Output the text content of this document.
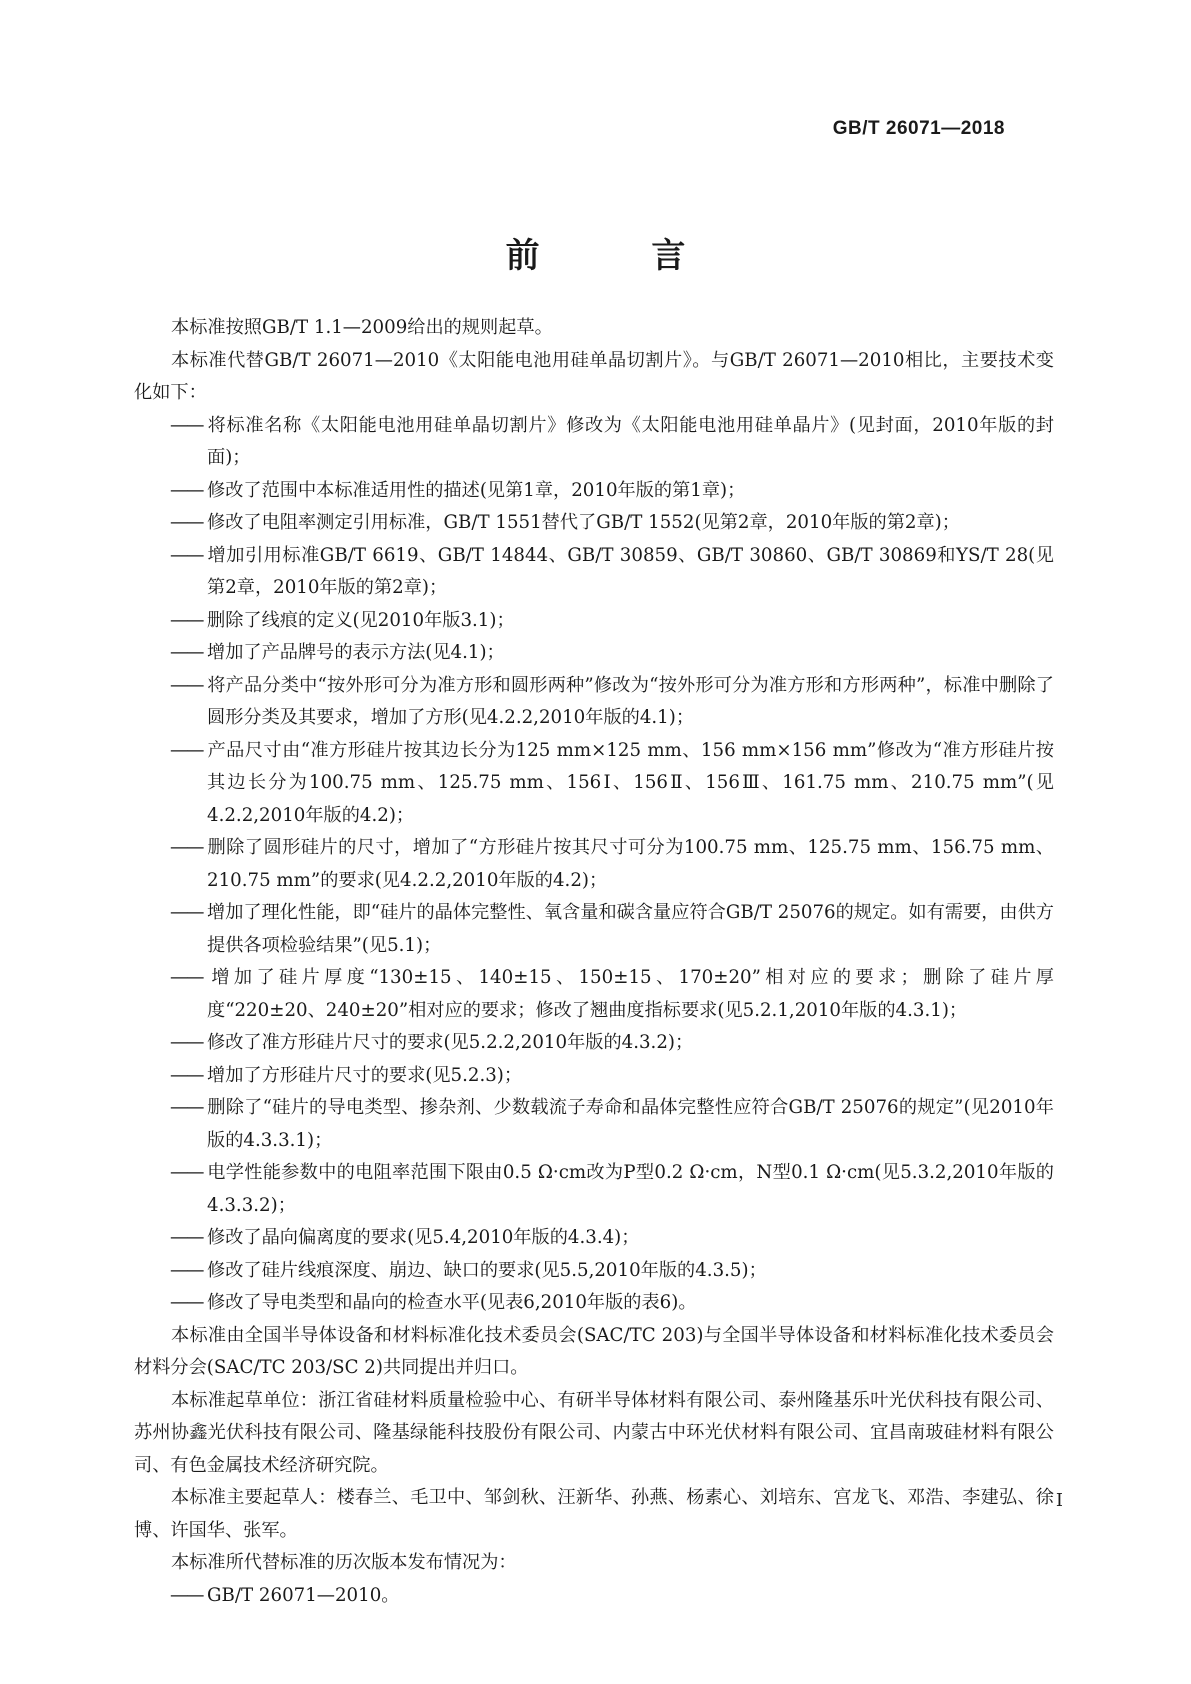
GB/T 26071—2018
前 言

本标准按照GB/T 1.1—2009给出的规则起草。

本标准代替GB/T 26071—2010《太阳能电池用硅单晶切割片》。与GB/T 26071—2010相比，主要技术变化如下：

—— 将标准名称《太阳能电池用硅单晶切割片》修改为《太阳能电池用硅单晶片》(见封面，2010年版的封面)；

—— 修改了范围中本标准适用性的描述(见第1章，2010年版的第1章)；

—— 修改了电阻率测定引用标准，GB/T 1551替代了GB/T 1552(见第2章，2010年版的第2章)；

—— 增加引用标准GB/T 6619、GB/T 14844、GB/T 30859、GB/T 30860、GB/T 30869和YS/T 28(见第2章，2010年版的第2章)；

—— 删除了线痕的定义(见2010年版3.1)；

—— 增加了产品牌号的表示方法(见4.1)；

—— 将产品分类中“按外形可分为准方形和圆形两种”修改为“按外形可分为准方形和方形两种”，标准中删除了圆形分类及其要求，增加了方形(见4.2.2,2010年版的4.1)；

—— 产品尺寸由“准方形硅片按其边长分为125 mm×125 mm、156 mm×156 mm”修改为“准方形硅片按其边长分为100.75 mm、125.75 mm、156Ⅰ、156Ⅱ、156Ⅲ、161.75 mm、210.75 mm”(见4.2.2,2010年版的4.2)；

—— 删除了圆形硅片的尺寸，增加了“方形硅片按其尺寸可分为100.75 mm、125.75 mm、156.75 mm、210.75 mm”的要求(见4.2.2,2010年版的4.2)；

—— 增加了理化性能，即“硅片的晶体完整性、氧含量和碳含量应符合GB/T 25076的规定。如有需要，由供方提供各项检验结果”(见5.1)；

—— 增加了硅片厚度“130±15、140±15、150±15、170±20”相对应的要求；删除了硅片厚度“220±20、240±20”相对应的要求；修改了翘曲度指标要求(见5.2.1,2010年版的4.3.1)；

—— 修改了准方形硅片尺寸的要求(见5.2.2,2010年版的4.3.2)；

—— 增加了方形硅片尺寸的要求(见5.2.3)；

—— 删除了“硅片的导电类型、掺杂剂、少数载流子寿命和晶体完整性应符合GB/T 25076的规定”(见2010年版的4.3.3.1)；

—— 电学性能参数中的电阻率范围下限由0.5 Ω·cm改为P型0.2 Ω·cm，N型0.1 Ω·cm(见5.3.2,2010年版的4.3.3.2)；

—— 修改了晶向偏离度的要求(见5.4,2010年版的4.3.4)；

—— 修改了硅片线痕深度、崩边、缺口的要求(见5.5,2010年版的4.3.5)；

—— 修改了导电类型和晶向的检查水平(见表6,2010年版的表6)。

本标准由全国半导体设备和材料标准化技术委员会(SAC/TC 203)与全国半导体设备和材料标准化技术委员会材料分会(SAC/TC 203/SC 2)共同提出并归口。

本标准起草单位：浙江省硅材料质量检验中心、有研半导体材料有限公司、泰州隆基乐叶光伏科技有限公司、苏州协鑫光伏科技有限公司、隆基绿能科技股份有限公司、内蒙古中环光伏材料有限公司、宜昌南玻硅材料有限公司、有色金属技术经济研究院。

本标准主要起草人：楼春兰、毛卫中、邹剑秋、汪新华、孙燕、杨素心、刘培东、宫龙飞、邓浩、李建弘、徐博、许国华、张军。

本标准所代替标准的历次版本发布情况为：

—— GB/T 26071—2010。

I
